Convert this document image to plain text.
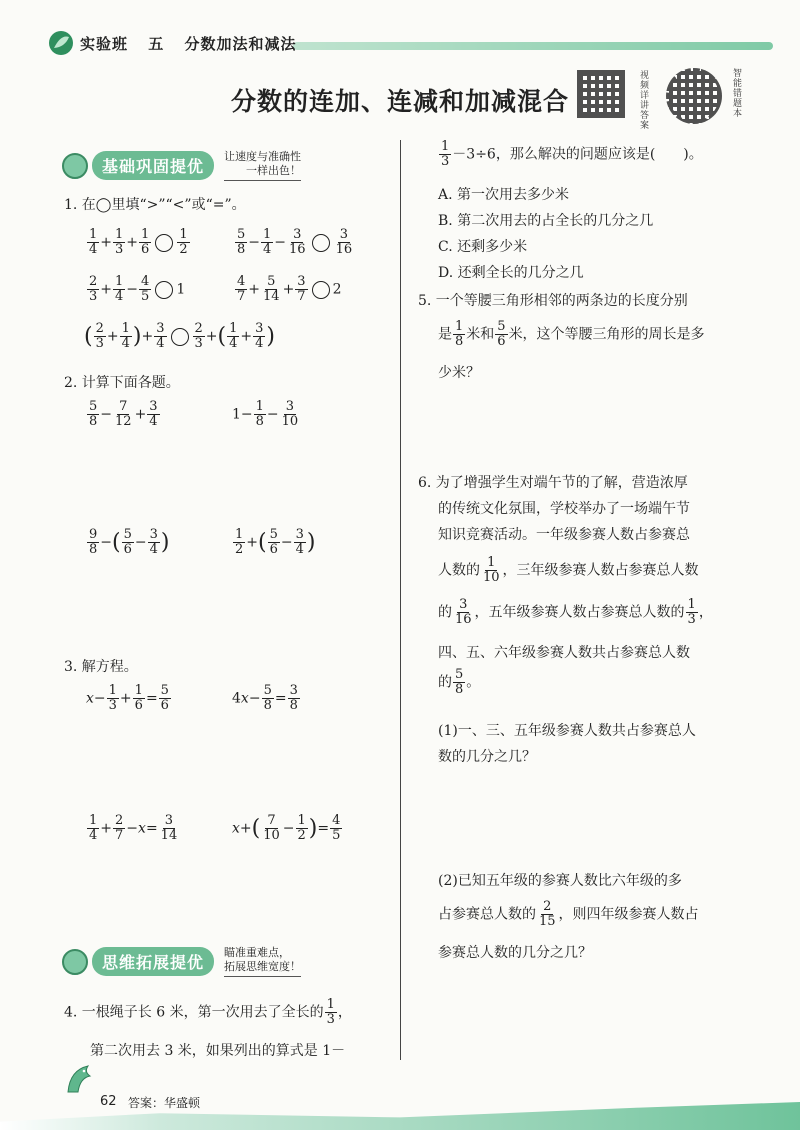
实验班 五 分数加法和减法
分数的连加、连减和加减混合	视频详讲答案	智能错题本
基础巩固提优
让速度与准确性
一样出色！
1. 在◯里填“>”“<”或“=”。
$\frac{1}{4} + \frac{1}{3} + \frac{1}{6} \frac{1}{2}$	$\frac{5}{8} - \frac{1}{4} - \frac{3}{16} \frac{3}{16}$
$\frac{2}{3} + \frac{1}{4} - \frac{4}{5} 1$	$\frac{4}{7} + \frac{5}{14} + \frac{3}{7} 2$
( $\frac{2}{3} + \frac{1}{4}$ )+ $\frac{3}{4} \frac{2}{3}$ +( $\frac{1}{4} + \frac{3}{4}$ )
2. 计算下面各题。
$\frac{5}{8} - \frac{7}{12} + \frac{3}{4}$	$1- \frac{1}{8} - \frac{3}{10}$
$\frac{9}{8}$ −( $\frac{5}{6} - \frac{3}{4}$ )	$\frac{1}{2}$ +( $\frac{5}{6} - \frac{3}{4}$ )
3. 解方程。
$x- \frac{1}{3} + \frac{1}{6} = \frac{5}{6}$	$4x- \frac{5}{8} = \frac{3}{8}$
$\frac{1}{4} + \frac{2}{7} -x= \frac{3}{14}$	$x+( \frac{7}{10} - \frac{1}{2}$ )= $\frac{4}{5}$
思维拓展提优
瞄准重难点，
拓展思维宽度！
4. 一根绳子长 6 米，第一次用去了全长的 $\frac{1}{3}$ ，
第二次用去 3 米，如果列出的算式是 1－
$\frac{1}{3} -3\div 6$，那么解决的问题应该是(　　)。
A. 第一次用去多少米
B. 第二次用去的占全长的几分之几
C. 还剩多少米
D. 还剩全长的几分之几
5. 一个等腰三角形相邻的两条边的长度分别
是 $\frac{1}{8}$ 米和 $\frac{5}{6}$ 米，这个等腰三角形的周长是多
少米？
6. 为了增强学生对端午节的了解，营造浓厚
的传统文化氛围，学校举办了一场端午节
知识竞赛活动。一年级参赛人数占参赛总
人数的 $\frac{1}{10}$ ，三年级参赛人数占参赛总人数
的 $\frac{3}{16}$ ，五年级参赛人数占参赛总人数的 $\frac{1}{3}$ ，
四、五、六年级参赛人数共占参赛总人数
的 $\frac{5}{8}$ 。
(1)一、三、五年级参赛人数共占参赛总人
数的几分之几？
(2)已知五年级的参赛人数比六年级的多
占参赛总人数的 $\frac{2}{15}$ ，则四年级参赛人数占
参赛总人数的几分之几？
62 答案：华盛顿
